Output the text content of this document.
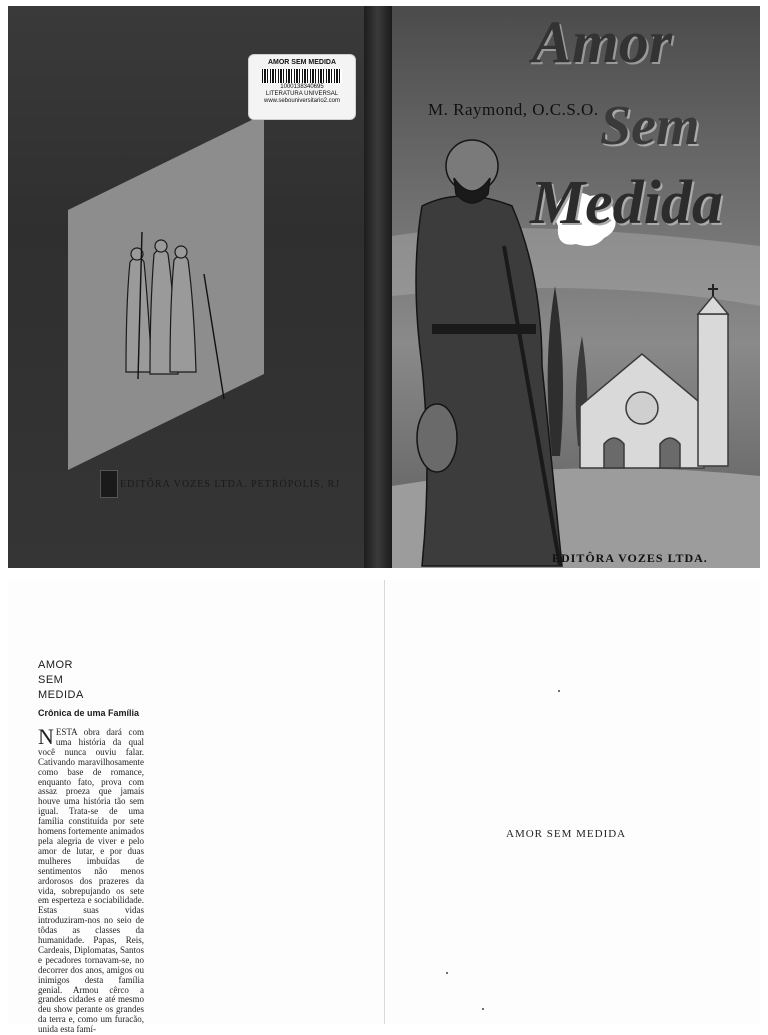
AMOR SEM MEDIDA
1000138340695
LITERATURA UNIVERSAL
www.sebouniversitario2.com
EDITÔRA VOZES LTDA. PETRÓPOLIS, RJ
M. Raymond, O.C.S.O.
Amor
Sem
Medida
EDITÔRA VOZES LTDA.
AMOR
SEM
MEDIDA
Crônica de uma Família
NESTA obra dará com uma história da qual você nunca ouviu falar. Cativando maravilhosamente como base de romance, enquanto fato, prova com assaz proeza que jamais houve uma história tão sem igual. Trata-se de uma família constituída por sete homens fortemente animados pela alegria de viver e pelo amor de lutar, e por duas mulheres imbuídas de sentimentos não menos ardorosos dos prazeres da vida, sobrepujando os sete em esperteza e sociabilidade. Estas suas vidas introduziram-nos no seio de tôdas as classes da humanidade. Papas, Reis, Cardeais, Diplomatas, Santos e pecadores tornavam-se, no decorrer dos anos, amigos ou inimigos desta família genial. Armou cêrco a grandes cidades e até mesmo deu show perante os grandes da terra e, como um furacão, unida esta famí-
AMOR SEM MEDIDA
